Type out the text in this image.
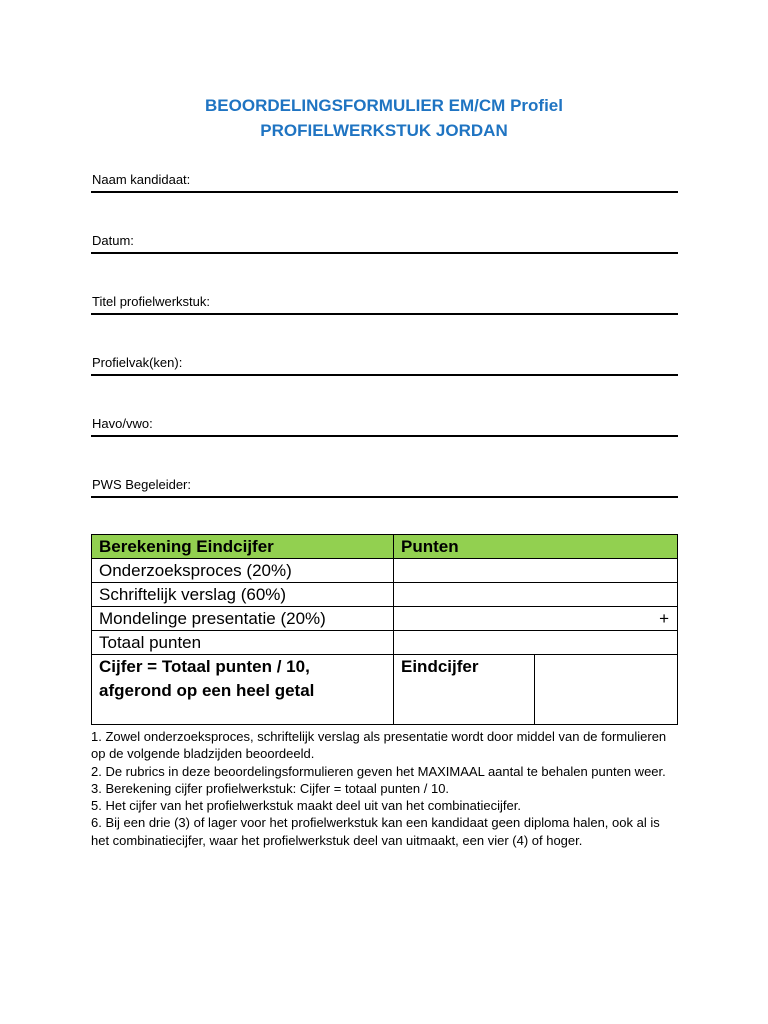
BEOORDELINGSFORMULIER EM/CM Profiel
PROFIELWERKSTUK JORDAN
Naam kandidaat:
Datum:
Titel profielwerkstuk:
Profielvak(ken):
Havo/vwo:
PWS Begeleider:
Berekening Eindcijfer	Punten	
Onderzoeksproces (20%)		
Schriftelijk verslag (60%)		
Mondelinge presentatie (20%)	+	
Totaal punten		

Cijfer = Totaal punten / 10,
afgerond op een heel getal	Eindcijfer	

1. Zowel onderzoeksproces, schriftelijk verslag als presentatie wordt door middel van de formulieren op de volgende bladzijden beoordeeld.

2. De rubrics in deze beoordelingsformulieren geven het MAXIMAAL aantal te behalen punten weer.

3. Berekening cijfer profielwerkstuk: Cijfer = totaal punten / 10.

5. Het cijfer van het profielwerkstuk maakt deel uit van het combinatiecijfer.

6. Bij een drie (3) of lager voor het profielwerkstuk kan een kandidaat geen diploma halen, ook al is het combinatiecijfer, waar het profielwerkstuk deel van uitmaakt, een vier (4) of hoger.
